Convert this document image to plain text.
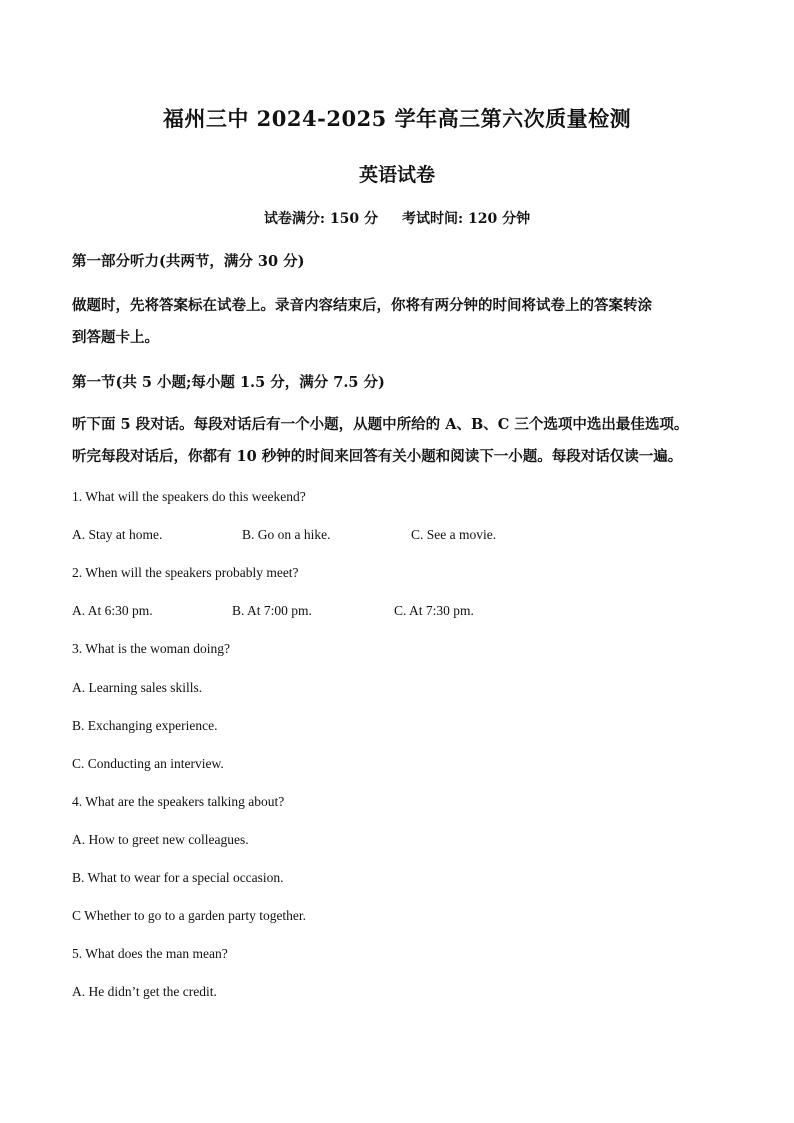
福州三中 2024-2025 学年高三第六次质量检测
英语试卷
试卷满分: 150 分 考试时间: 120 分钟
第一部分听力(共两节，满分 30 分)
做题时，先将答案标在试卷上。录音内容结束后，你将有两分钟的时间将试卷上的答案转涂
到答题卡上。
第一节(共 5 小题;每小题 1.5 分，满分 7.5 分)
听下面 5 段对话。每段对话后有一个小题，从题中所给的 A、B、C 三个选项中选出最佳选项。
听完每段对话后，你都有 10 秒钟的时间来回答有关小题和阅读下一小题。每段对话仅读一遍。
1. What will the speakers do this weekend?
A. Stay at home.	B. Go on a hike.	C. See a movie.
2. When will the speakers probably meet?
A. At 6:30 pm.	B. At 7:00 pm.	C. At 7:30 pm.
3. What is the woman doing?
A. Learning sales skills.
B. Exchanging experience.
C. Conducting an interview.
4. What are the speakers talking about?
A. How to greet new colleagues.
B. What to wear for a special occasion.
C Whether to go to a garden party together.
5. What does the man mean?
A. He didn’t get the credit.
